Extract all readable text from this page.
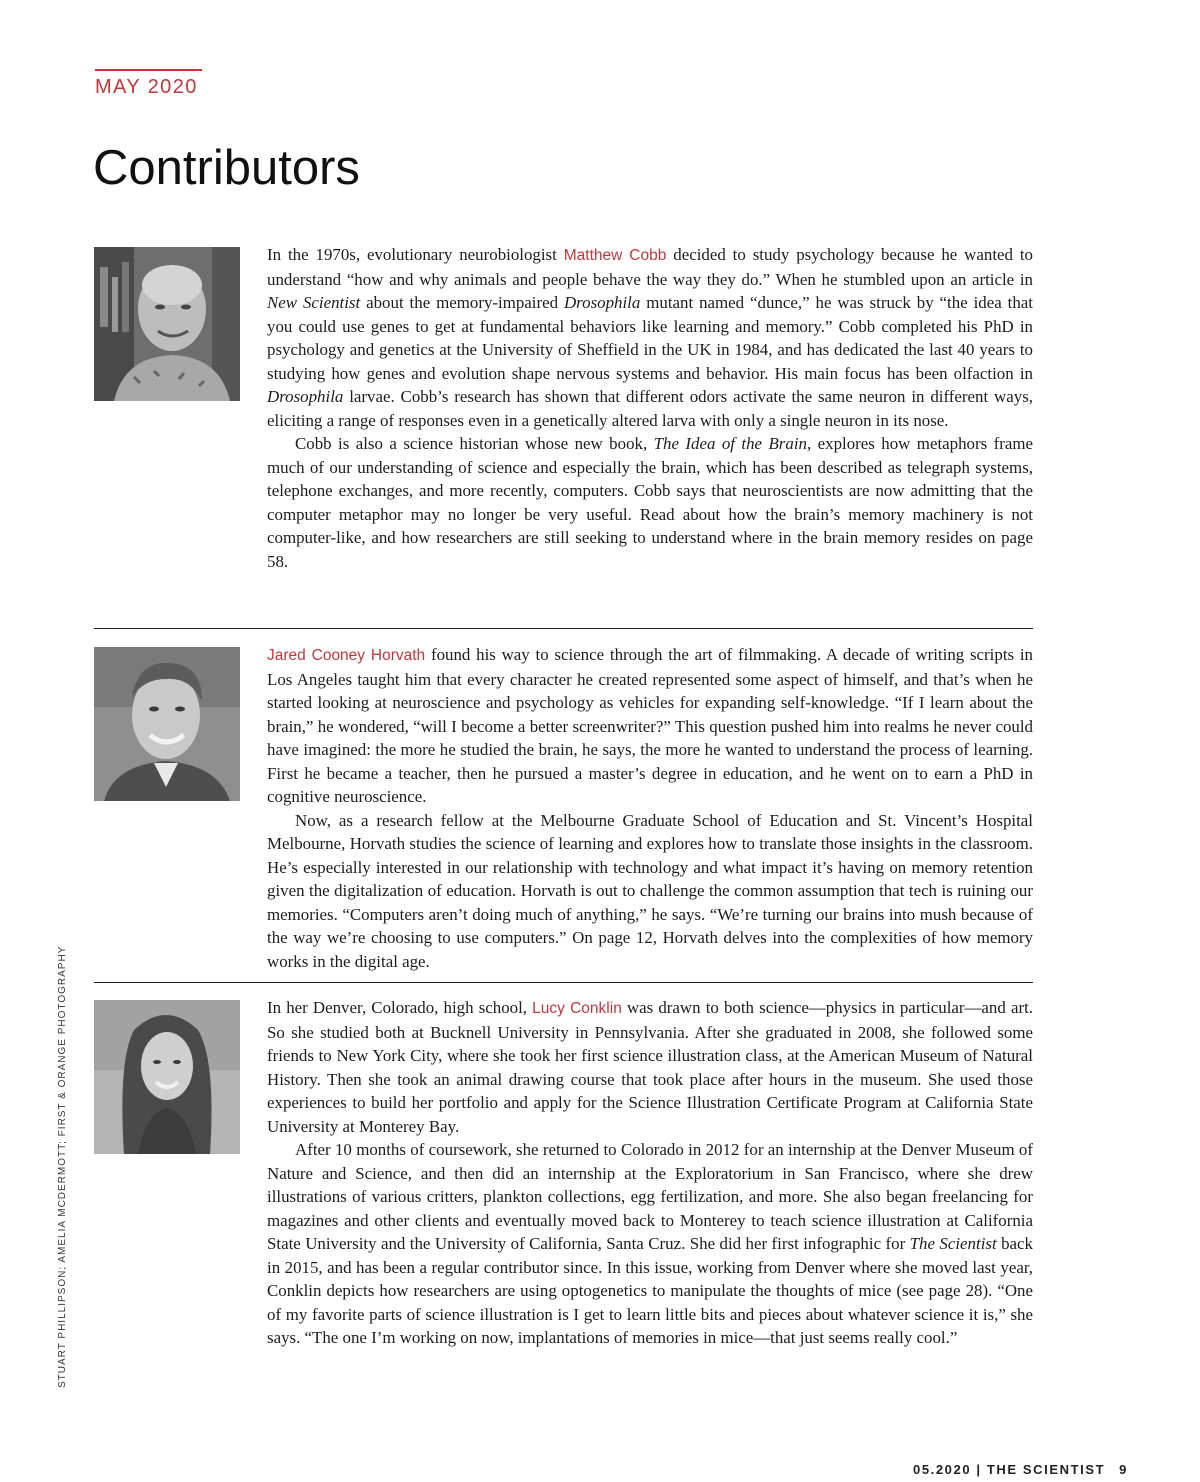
MAY 2020
Contributors

In the 1970s, evolutionary neurobiologist Matthew Cobb decided to study psychology because he wanted to understand “how and why animals and people behave the way they do.” When he stumbled upon an article in New Scientist about the memory-impaired Drosophila mutant named “dunce,” he was struck by “the idea that you could use genes to get at fundamental behaviors like learning and memory.” Cobb completed his PhD in psychology and genetics at the University of Sheffield in the UK in 1984, and has dedicated the last 40 years to studying how genes and evolution shape nervous systems and behavior. His main focus has been olfaction in Drosophila larvae. Cobb’s research has shown that different odors activate the same neuron in different ways, eliciting a range of responses even in a genetically altered larva with only a single neuron in its nose.

Cobb is also a science historian whose new book, The Idea of the Brain, explores how metaphors frame much of our understanding of science and especially the brain, which has been described as telegraph systems, telephone exchanges, and more recently, computers. Cobb says that neuroscientists are now admitting that the computer metaphor may no longer be very useful. Read about how the brain’s memory machinery is not computer-like, and how researchers are still seeking to understand where in the brain memory resides on page 58.

Jared Cooney Horvath found his way to science through the art of filmmaking. A decade of writing scripts in Los Angeles taught him that every character he created represented some aspect of himself, and that’s when he started looking at neuroscience and psychology as vehicles for expanding self-knowledge. “If I learn about the brain,” he wondered, “will I become a better screenwriter?” This question pushed him into realms he never could have imagined: the more he studied the brain, he says, the more he wanted to understand the process of learning. First he became a teacher, then he pursued a master’s degree in education, and he went on to earn a PhD in cognitive neuroscience.

Now, as a research fellow at the Melbourne Graduate School of Education and St. Vincent’s Hospital Melbourne, Horvath studies the science of learning and explores how to translate those insights in the classroom. He’s especially interested in our relationship with technology and what impact it’s having on memory retention given the digitalization of education. Horvath is out to challenge the common assumption that tech is ruining our memories. “Computers aren’t doing much of anything,” he says. “We’re turning our brains into mush because of the way we’re choosing to use computers.” On page 12, Horvath delves into the complexities of how memory works in the digital age.

In her Denver, Colorado, high school, Lucy Conklin was drawn to both science—physics in particular—and art. So she studied both at Bucknell University in Pennsylvania. After she graduated in 2008, she followed some friends to New York City, where she took her first science illustration class, at the American Museum of Natural History. Then she took an animal drawing course that took place after hours in the museum. She used those experiences to build her portfolio and apply for the Science Illustration Certificate Program at California State University at Monterey Bay.

After 10 months of coursework, she returned to Colorado in 2012 for an internship at the Denver Museum of Nature and Science, and then did an internship at the Exploratorium in San Francisco, where she drew illustrations of various critters, plankton collections, egg fertilization, and more. She also began freelancing for magazines and other clients and eventually moved back to Monterey to teach science illustration at California State University and the University of California, Santa Cruz. She did her first infographic for The Scientist back in 2015, and has been a regular contributor since. In this issue, working from Denver where she moved last year, Conklin depicts how researchers are using optogenetics to manipulate the thoughts of mice (see page 28). “One of my favorite parts of science illustration is I get to learn little bits and pieces about whatever science it is,” she says. “The one I’m working on now, implantations of memories in mice—that just seems really cool.”

STUART PHILLIPSON; AMELIA MCDERMOTT; FIRST & ORANGE PHOTOGRAPHY
05.2020 | THE SCIENTIST 9
